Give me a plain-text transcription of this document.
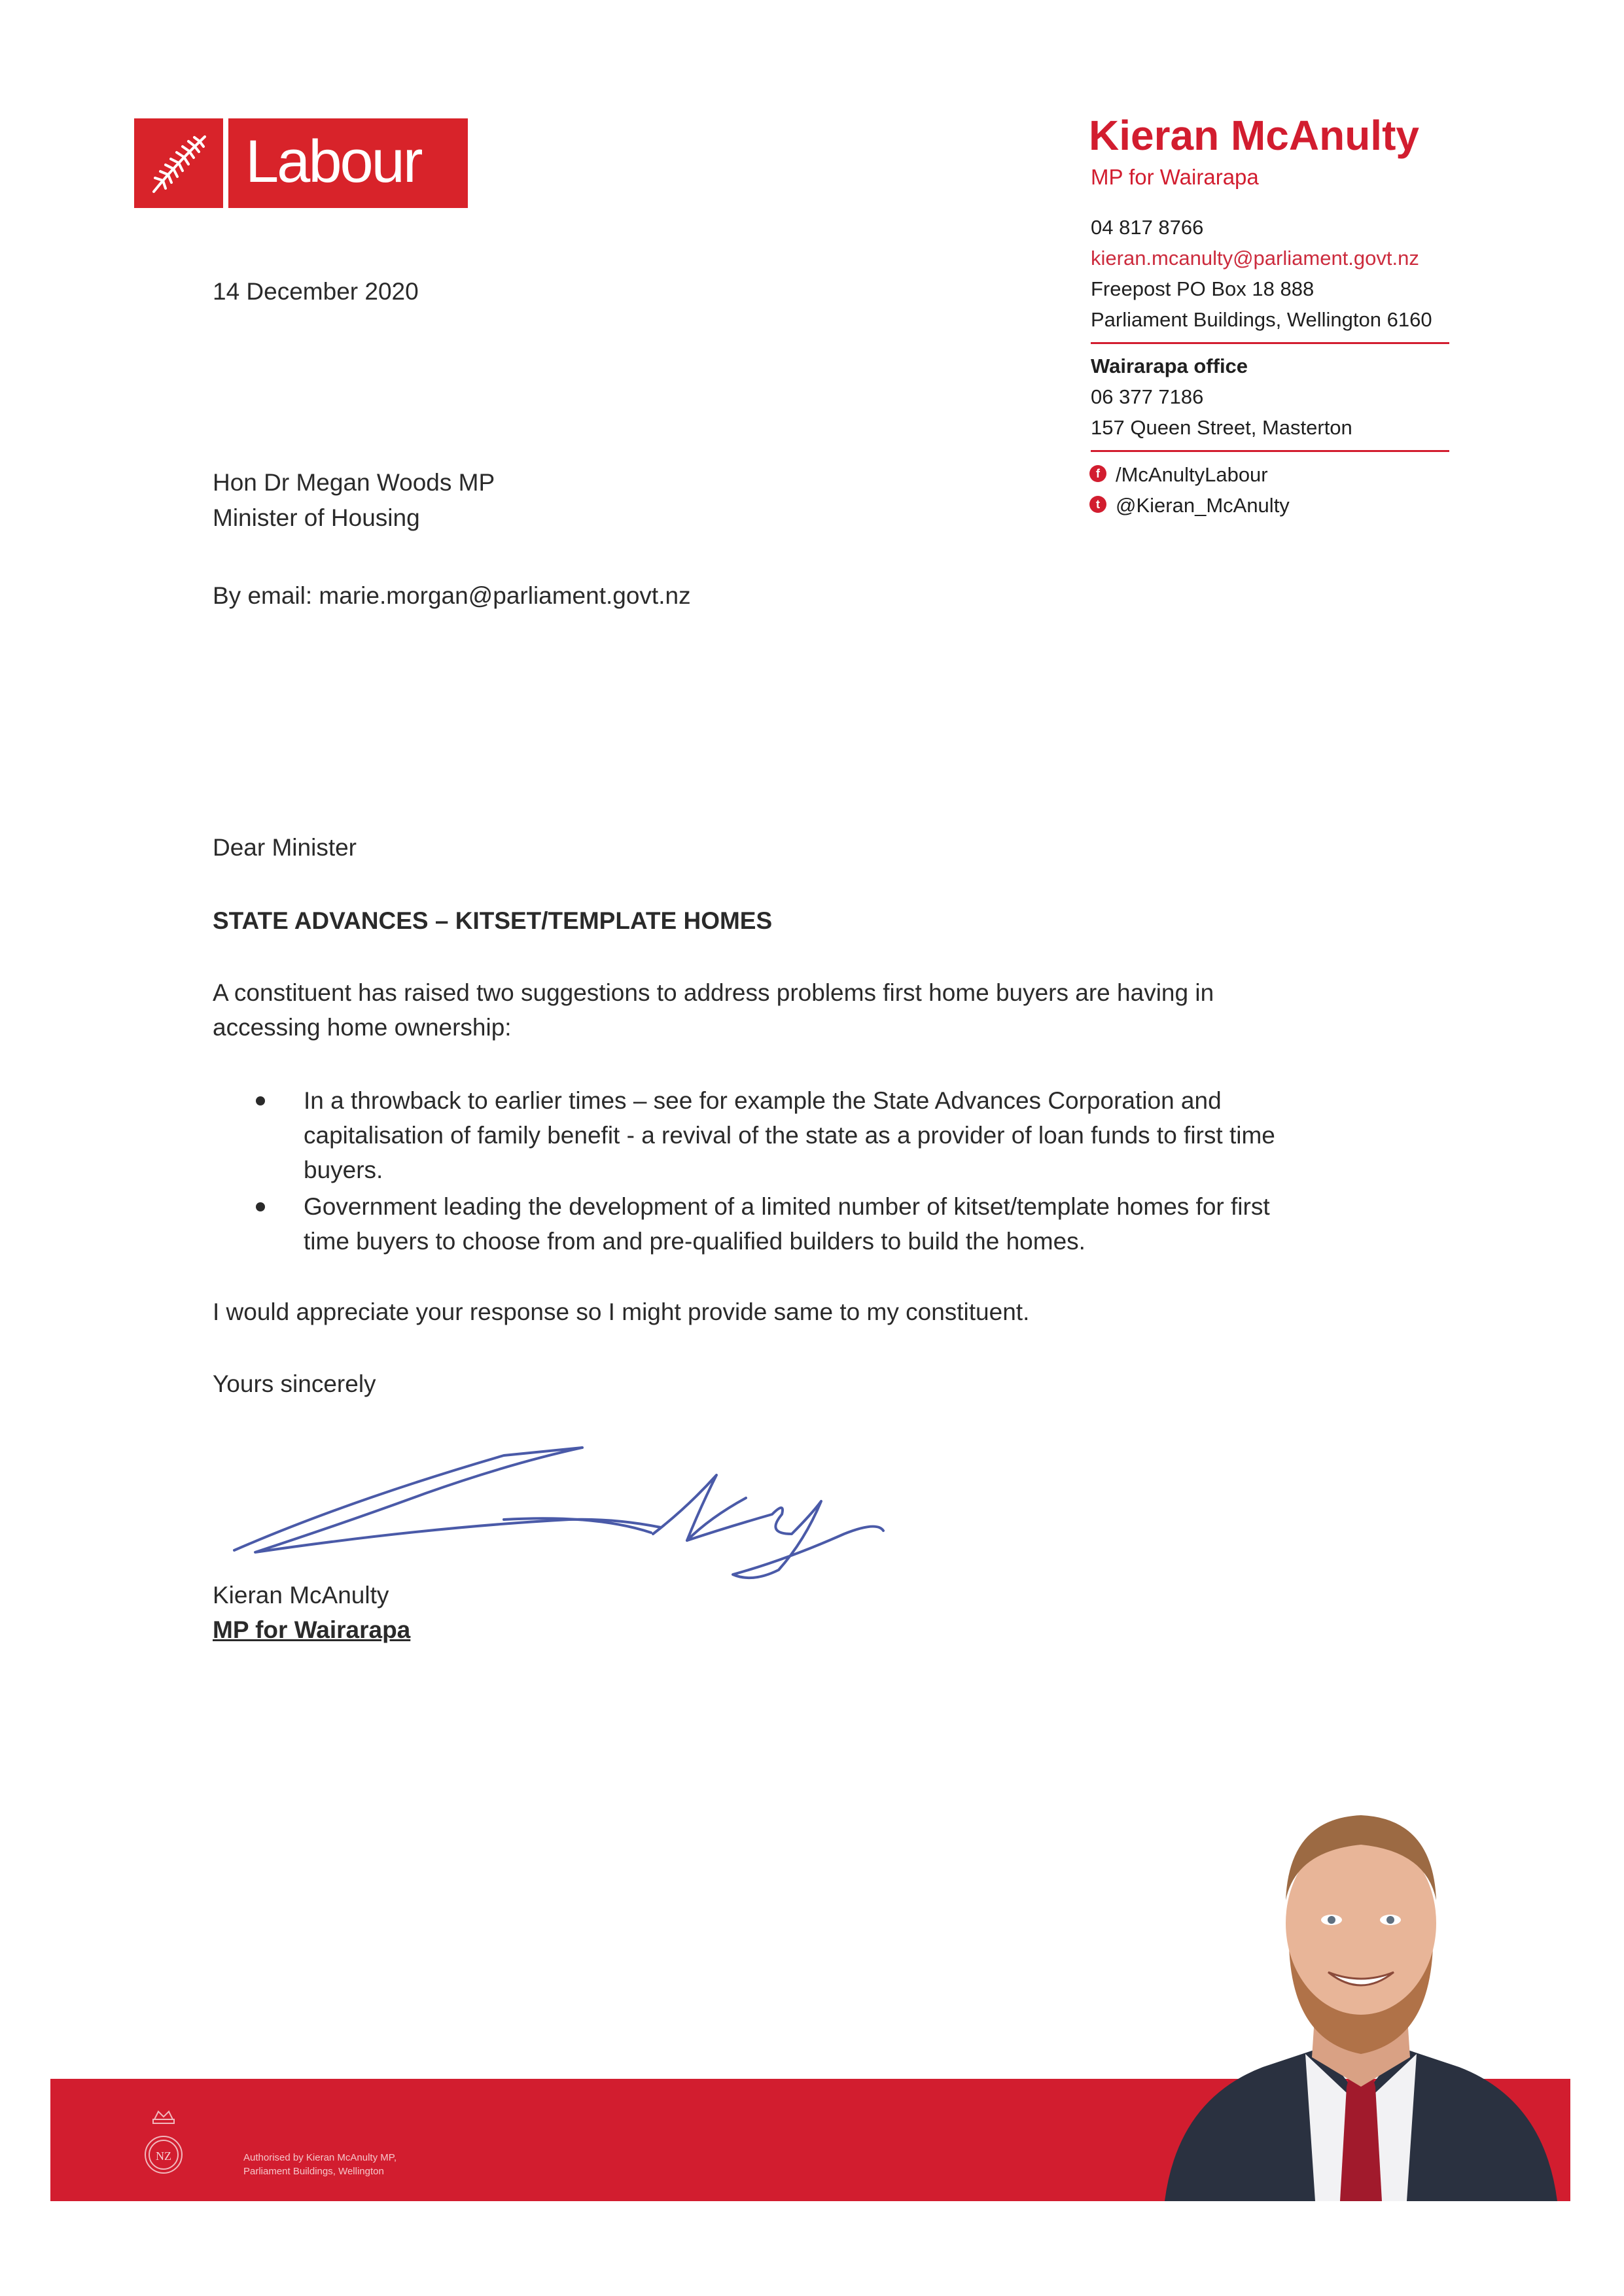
Labour	Kieran McAnulty
MP for Wairarapa
04 817 8766
kieran.mcanulty@parliament.govt.nz
Freepost PO Box 18 888
Parliament Buildings, Wellington 6160
Wairarapa office
06 377 7186
157 Queen Street, Masterton
f /McAnultyLabour
t @Kieran_McAnulty
14 December 2020
Hon Dr Megan Woods MP
Minister of Housing
By email: marie.morgan@parliament.govt.nz
Dear Minister
STATE ADVANCES – KITSET/TEMPLATE HOMES
A constituent has raised two suggestions to address problems first home buyers are having in
accessing home ownership:
In a throwback to earlier times – see for example the State Advances Corporation and
capitalisation of family benefit - a revival of the state as a provider of loan funds to first time
buyers.
Government leading the development of a limited number of kitset/template homes for first
time buyers to choose from and pre-qualified builders to build the homes.
I would appreciate your response so I might provide same to my constituent.
Yours sincerely
Kieran McAnulty
MP for Wairarapa
NZ	Authorised by Kieran McAnulty MP,
Parliament Buildings, Wellington
